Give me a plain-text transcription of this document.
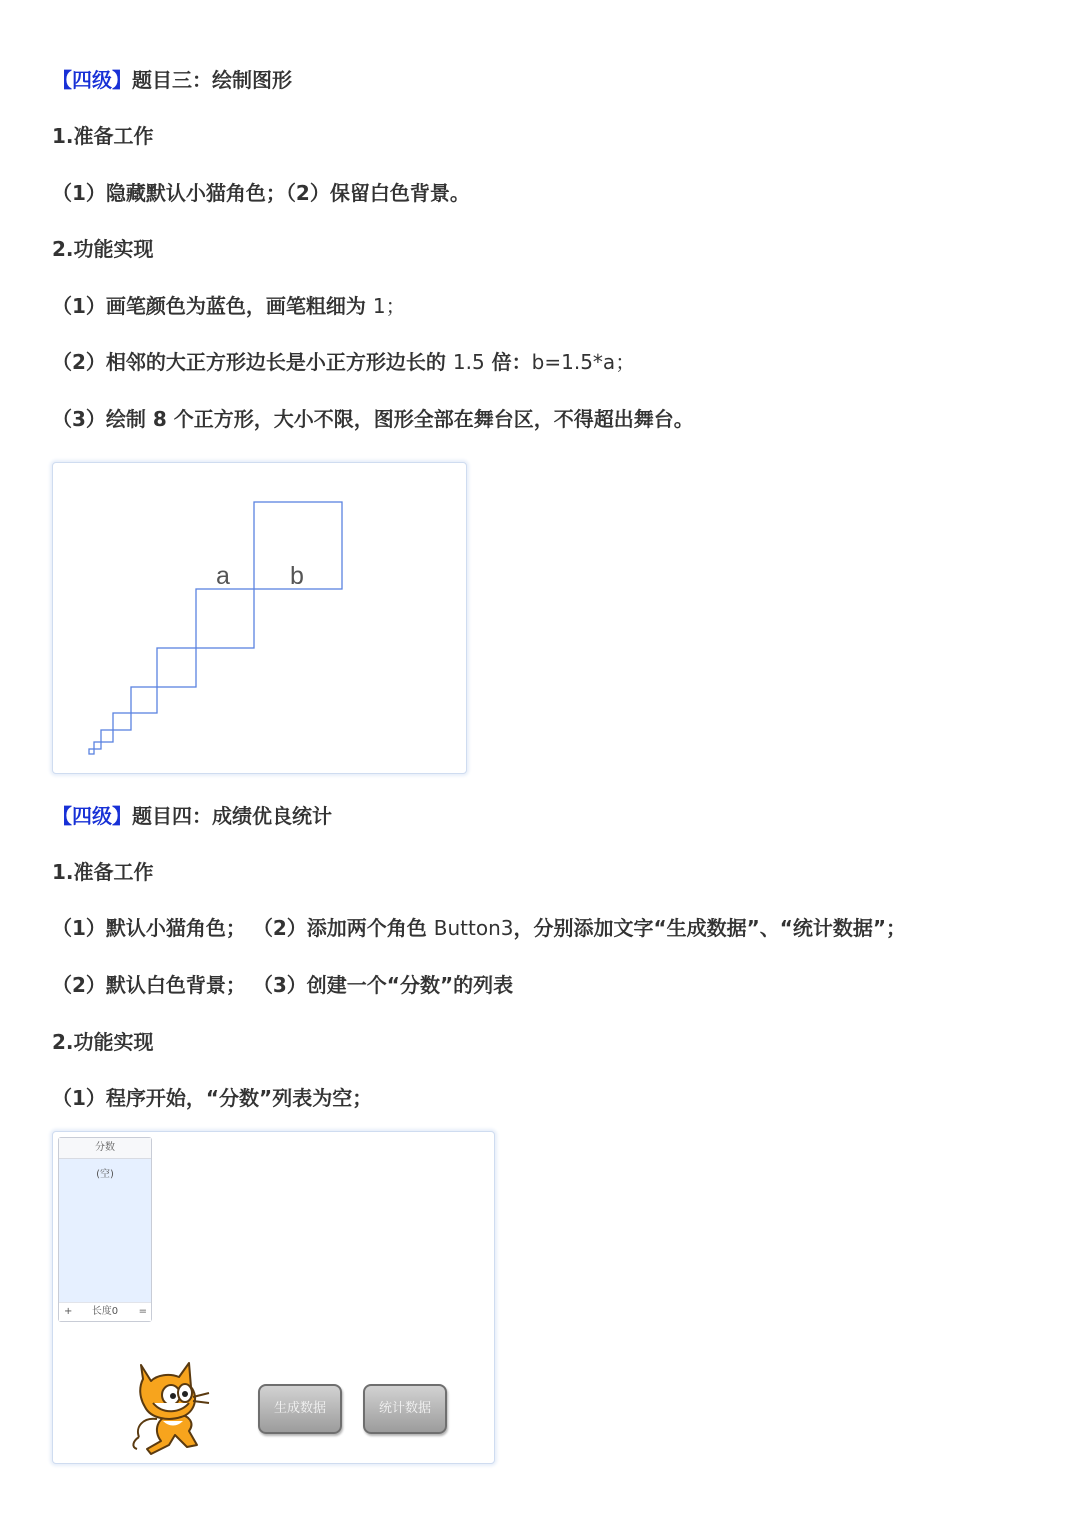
【四级】题目三：绘制图形
1.准备工作
（1）隐藏默认小猫角色；（2）保留白色背景。
2.功能实现
（1）画笔颜色为蓝色，画笔粗细为 1；
（2）相邻的大正方形边长是小正方形边长的 1.5 倍：b=1.5*a；
（3）绘制 8 个正方形，大小不限，图形全部在舞台区，不得超出舞台。
a b
【四级】题目四：成绩优良统计
1.准备工作
（1）默认小猫角色； （2）添加两个角色 Button3，分别添加文字“生成数据”、“统计数据”；
（2）默认白色背景； （3）创建一个“分数”的列表
2.功能实现
（1）程序开始，“分数”列表为空；
分数
(空)
+	长度0	=
生成数据	统计数据
